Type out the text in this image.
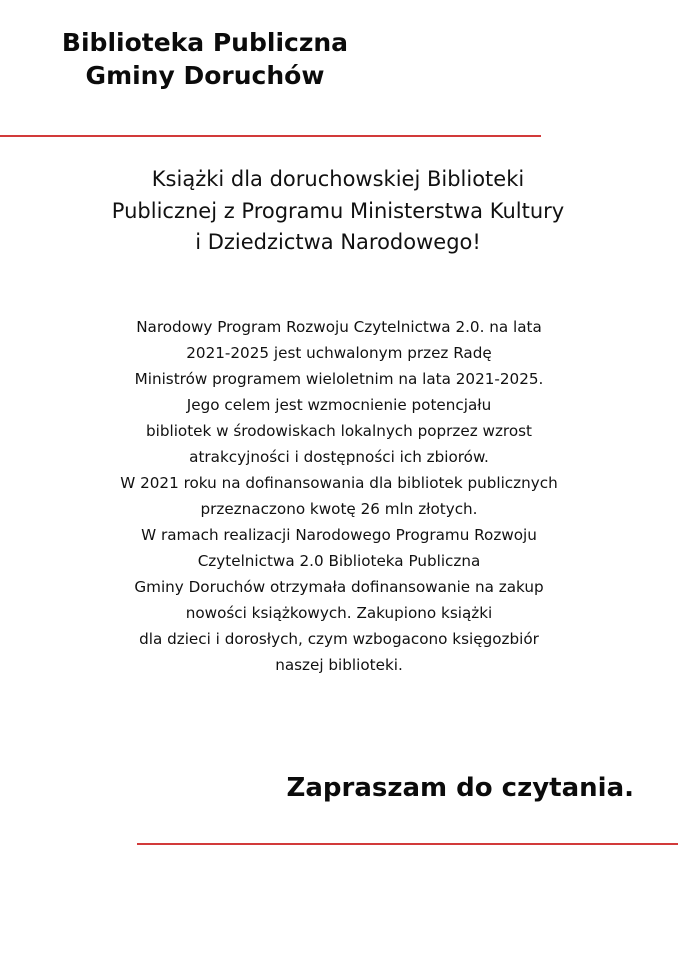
Biblioteka Publiczna
Gminy Doruchów
Książki dla doruchowskiej Biblioteki
Publicznej z Programu Ministerstwa Kultury
i Dziedzictwa Narodowego!

Narodowy Program Rozwoju Czytelnictwa 2.0. na lata
2021-2025 jest uchwalonym przez Radę
Ministrów programem wieloletnim na lata 2021-2025.
Jego celem jest wzmocnienie potencjału
bibliotek w środowiskach lokalnych poprzez wzrost
atrakcyjności i dostępności ich zbiorów.
W 2021 roku na dofinansowania dla bibliotek publicznych
przeznaczono kwotę 26 mln złotych.
W ramach realizacji Narodowego Programu Rozwoju
Czytelnictwa 2.0 Biblioteka Publiczna
Gminy Doruchów otrzymała dofinansowanie na zakup
nowości książkowych. Zakupiono książki
dla dzieci i dorosłych, czym wzbogacono księgozbiór
naszej biblioteki.

Zapraszam do czytania.
